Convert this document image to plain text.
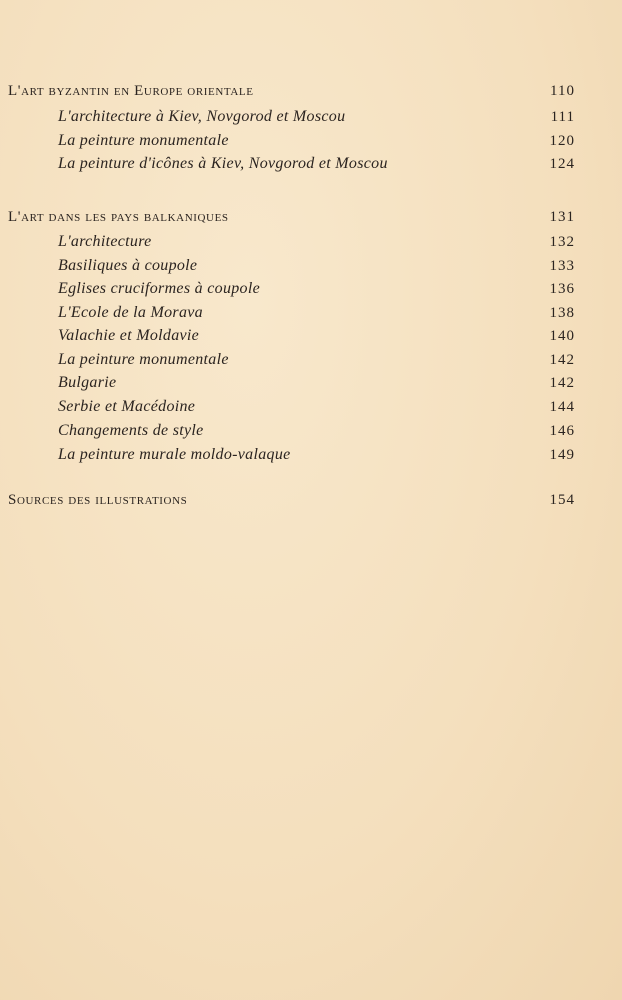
L'art byzantin en Europe orientale	110
L'architecture à Kiev, Novgorod et Moscou	111
La peinture monumentale	120
La peinture d'icônes à Kiev, Novgorod et Moscou	124
L'art dans les pays balkaniques	131
L'architecture	132
Basiliques à coupole	133
Eglises cruciformes à coupole	136
L'Ecole de la Morava	138
Valachie et Moldavie	140
La peinture monumentale	142
Bulgarie	142
Serbie et Macédoine	144
Changements de style	146
La peinture murale moldo-valaque	149
Sources des illustrations	154
